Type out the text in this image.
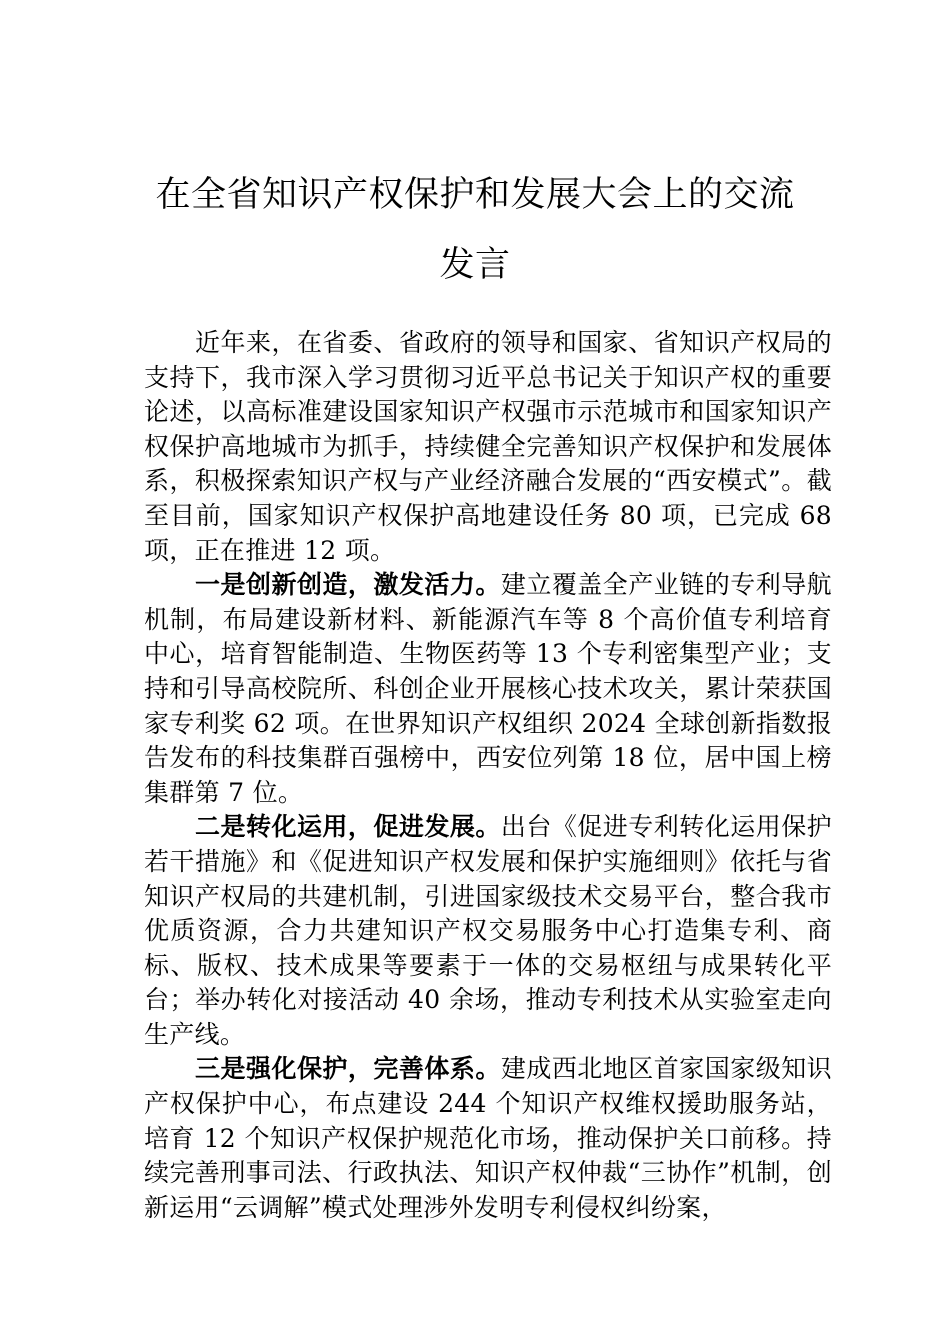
在全省知识产权保护和发展大会上的交流
发言

近年来，在省委、省政府的领导和国家、省知识产权局的支持下，我市深入学习贯彻习近平总书记关于知识产权的重要论述，以高标准建设国家知识产权强市示范城市和国家知识产权保护高地城市为抓手，持续健全完善知识产权保护和发展体系，积极探索知识产权与产业经济融合发展的“西安模式”。截至目前，国家知识产权保护高地建设任务 80 项，已完成 68 项，正在推进 12 项。

一是创新创造，激发活力。建立覆盖全产业链的专利导航机制，布局建设新材料、新能源汽车等 8 个高价值专利培育中心，培育智能制造、生物医药等 13 个专利密集型产业；支持和引导高校院所、科创企业开展核心技术攻关，累计荣获国家专利奖 62 项。在世界知识产权组织 2024 全球创新指数报告发布的科技集群百强榜中，西安位列第 18 位，居中国上榜集群第 7 位。

二是转化运用，促进发展。出台《促进专利转化运用保护若干措施》和《促进知识产权发展和保护实施细则》依托与省知识产权局的共建机制，引进国家级技术交易平台，整合我市优质资源，合力共建知识产权交易服务中心打造集专利、商标、版权、技术成果等要素于一体的交易枢纽与成果转化平台；举办转化对接活动 40 余场，推动专利技术从实验室走向生产线。

三是强化保护，完善体系。建成西北地区首家国家级知识产权保护中心，布点建设 244 个知识产权维权援助服务站，培育 12 个知识产权保护规范化市场，推动保护关口前移。持续完善刑事司法、行政执法、知识产权仲裁“三协作”机制，创新运用“云调解”模式处理涉外发明专利侵权纠纷案，
